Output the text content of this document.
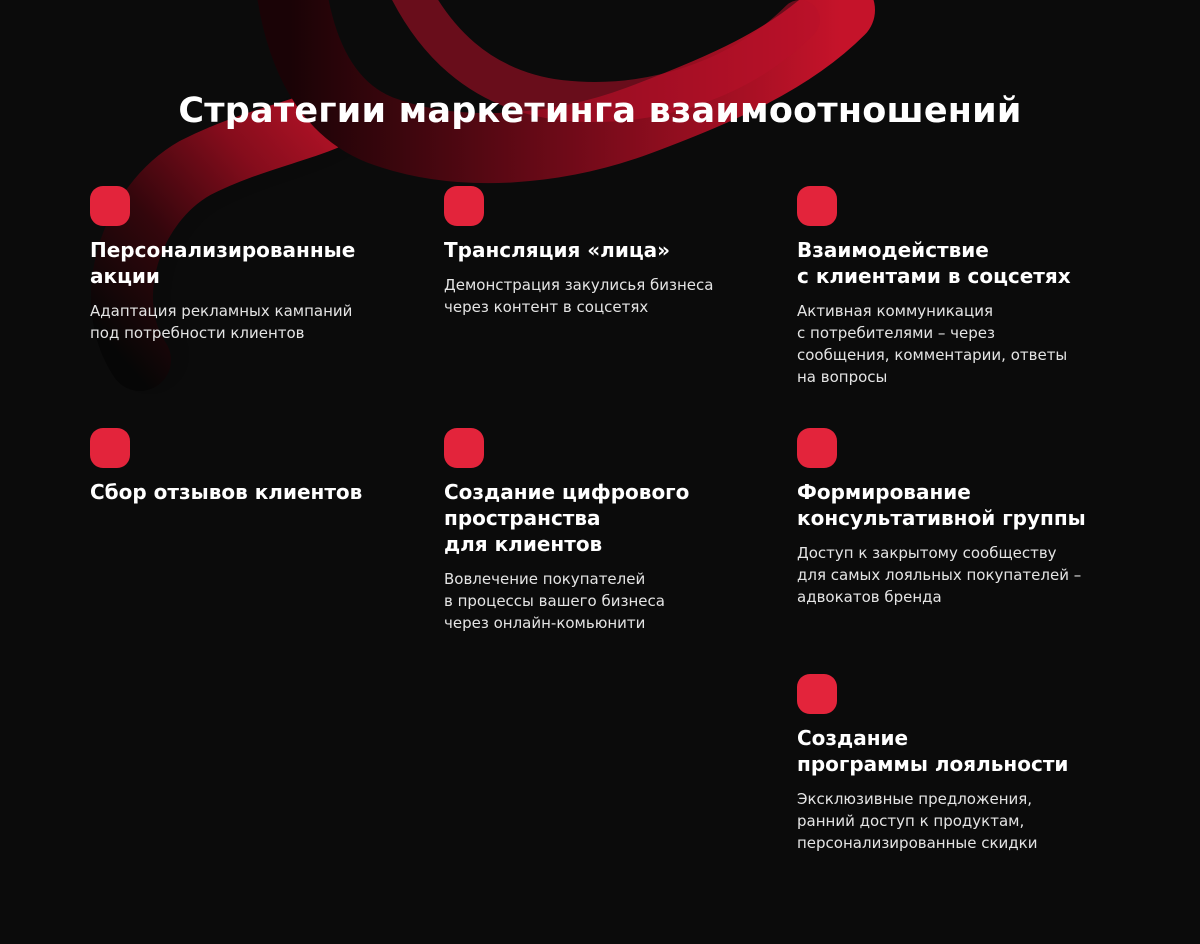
Стратегии маркетинга взаимоотношений
Персонализированные
акции
Адаптация рекламных кампаний
под потребности клиентов
Трансляция «лица»
Демонстрация закулисья бизнеса
через контент в соцсетях
Взаимодействие
с клиентами в соцсетях
Активная коммуникация
с потребителями – через
сообщения, комментарии, ответы
на вопросы
Сбор отзывов клиентов	Создание цифрового
пространства
для клиентов
Вовлечение покупателей
в процессы вашего бизнеса
через онлайн-комьюнити
Формирование
консультативной группы
Доступ к закрытому сообществу
для самых лояльных покупателей –
адвокатов бренда
Создание
программы лояльности
Эксклюзивные предложения,
ранний доступ к продуктам,
персонализированные скидки
